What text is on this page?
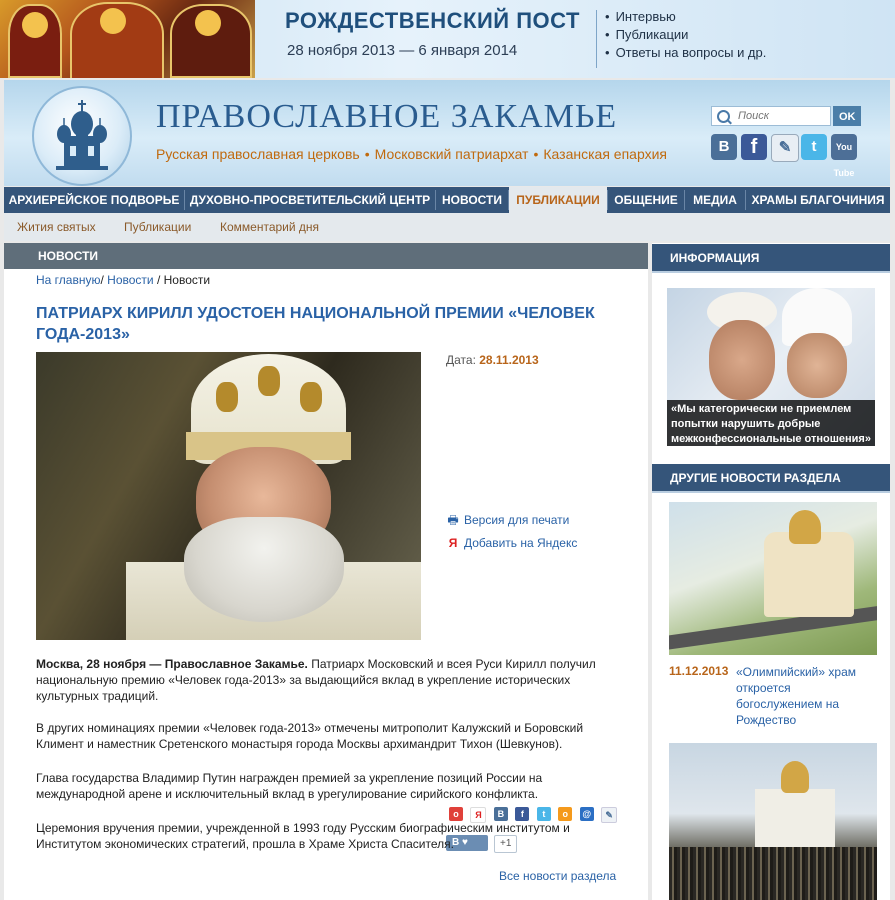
РОЖДЕСТВЕНСКИЙ ПОСТ
28 ноября 2013 — 6 января 2014
• Интервью
• Публикации
• Ответы на вопросы и др.
ПРАВОСЛАВНОЕ ЗАКАМЬЕ
Русская православная церковь • Московский патриархат • Казанская епархия
Поиск
OK
B	f	✎	t	You Tube
АРХИЕРЕЙСКОЕ ПОДВОРЬЕ ДУХОВНО-ПРОСВЕТИТЕЛЬСКИЙ ЦЕНТР НОВОСТИ	ПУБЛИКАЦИИ	ОБЩЕНИЕ	МЕДИА	ХРАМЫ БЛАГОЧИНИЯ
Жития святых Публикации Комментарий дня
НОВОСТИ
На главную/ Новости / Новости
ПАТРИАРХ КИРИЛЛ УДОСТОЕН НАЦИОНАЛЬНОЙ ПРЕМИИ «ЧЕЛОВЕК ГОДА-2013»
Дата: 28.11.2013
🖶 Версия для печати
Я Добавить на Яндекс
o Я B f t o @ ✎
B ♥	+1
Москва, 28 ноября — Православное Закамье. Патриарх Московский и всея Руси Кирилл получил национальную премию «Человек года-2013» за выдающийся вклад в укрепление исторических культурных традиций.
В других номинациях премии «Человек года-2013» отмечены митрополит Калужский и Боровский Климент и наместник Сретенского монастыря города Москвы архимандрит Тихон (Шевкунов).
Глава государства Владимир Путин награжден премией за укрепление позиций России на международной арене и исключительный вклад в урегулирование сирийского конфликта.
Церемония вручения премии, учрежденной в 1993 году Русским биографическим институтом и Институтом экономических стратегий, прошла в Храме Христа Спасителя.
Все новости раздела
ИНФОРМАЦИЯ
«Мы категорически не приемлем попытки нарушить добрые межконфессиональные отношения»
ДРУГИЕ НОВОСТИ РАЗДЕЛА
11.12.2013 «Олимпийский» храм откроется богослужением на Рождество
